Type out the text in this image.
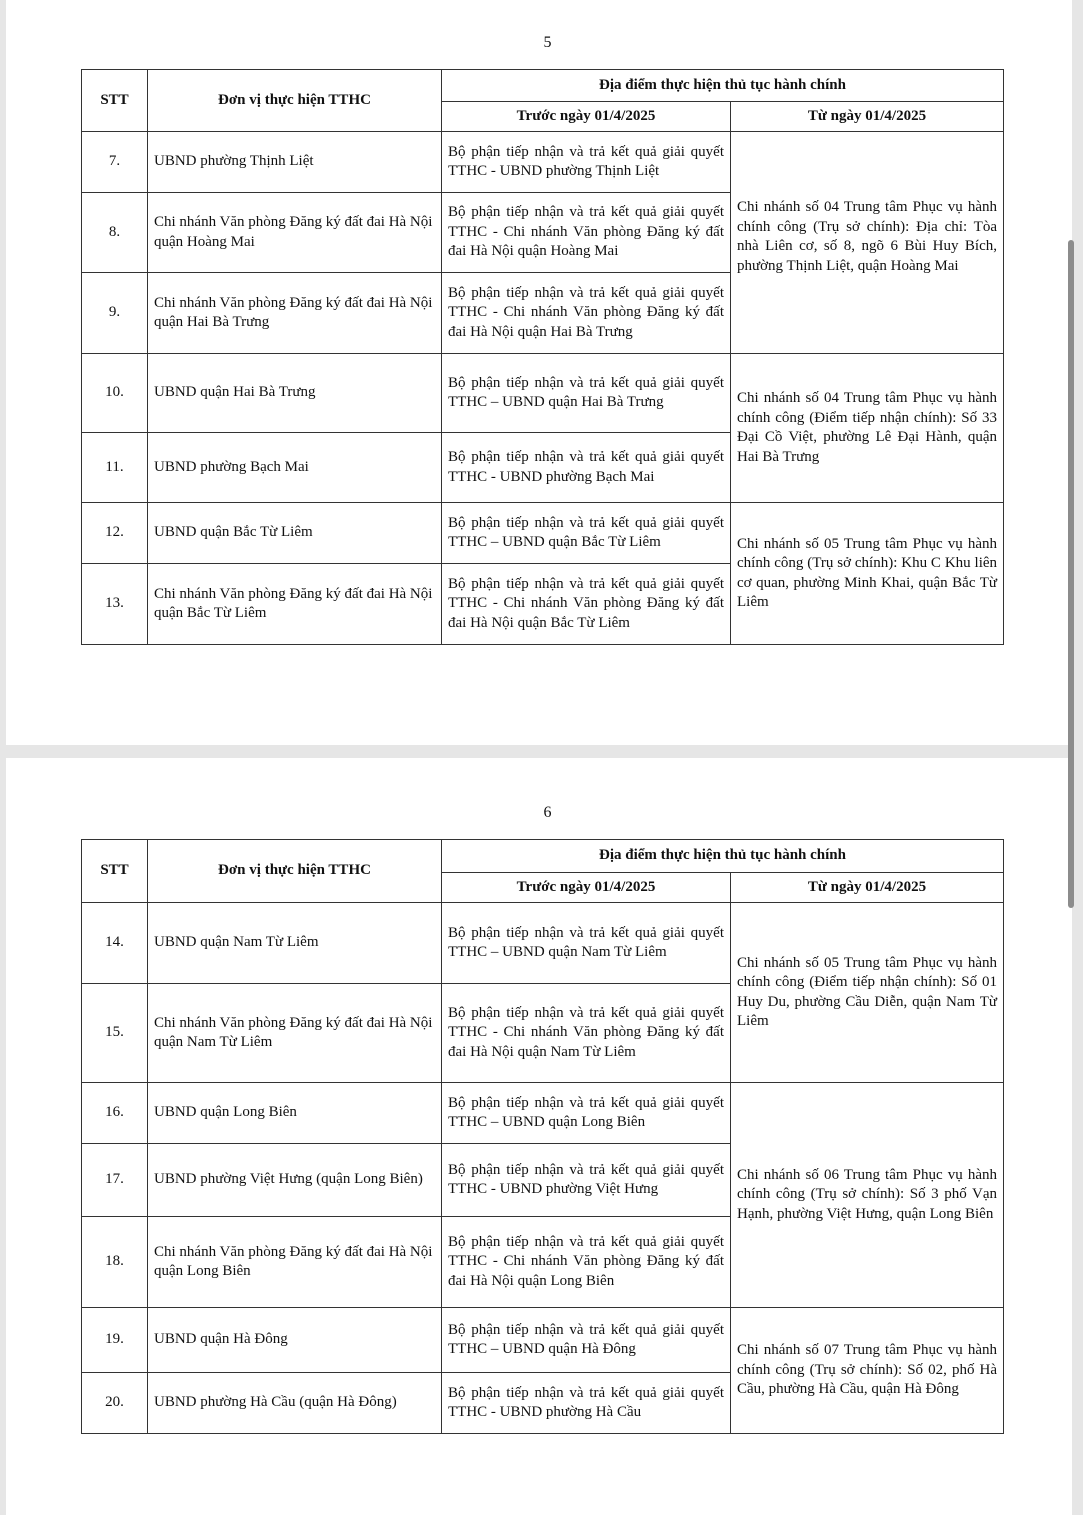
5
STT	Đơn vị thực hiện TTHC	Địa điểm thực hiện thủ tục hành chính	
		Trước ngày 01/4/2025	Từ ngày 01/4/2025
7.	UBND phường Thịnh Liệt	Bộ phận tiếp nhận và trả kết quả giải quyết TTHC - UBND phường Thịnh Liệt	Chi nhánh số 04 Trung tâm Phục vụ hành chính công (Trụ sở chính): Địa chỉ: Tòa nhà Liên cơ, số 8, ngõ 6 Bùi Huy Bích, phường Thịnh Liệt, quận Hoàng Mai
8.	Chi nhánh Văn phòng Đăng ký đất đai Hà Nội quận Hoàng Mai	Bộ phận tiếp nhận và trả kết quả giải quyết TTHC - Chi nhánh Văn phòng Đăng ký đất đai Hà Nội quận Hoàng Mai	
9.	Chi nhánh Văn phòng Đăng ký đất đai Hà Nội quận Hai Bà Trưng	Bộ phận tiếp nhận và trả kết quả giải quyết TTHC - Chi nhánh Văn phòng Đăng ký đất đai Hà Nội quận Hai Bà Trưng	
10.	UBND quận Hai Bà Trưng	Bộ phận tiếp nhận và trả kết quả giải quyết TTHC – UBND quận Hai Bà Trưng	Chi nhánh số 04 Trung tâm Phục vụ hành chính công (Điểm tiếp nhận chính): Số 33 Đại Cồ Việt, phường Lê Đại Hành, quận Hai Bà Trưng
11.	UBND phường Bạch Mai	Bộ phận tiếp nhận và trả kết quả giải quyết TTHC - UBND phường Bạch Mai	
12.	UBND quận Bắc Từ Liêm	Bộ phận tiếp nhận và trả kết quả giải quyết TTHC – UBND quận Bắc Từ Liêm	Chi nhánh số 05 Trung tâm Phục vụ hành chính công (Trụ sở chính): Khu C Khu liên cơ quan, phường Minh Khai, quận Bắc Từ Liêm
13.	Chi nhánh Văn phòng Đăng ký đất đai Hà Nội quận Bắc Từ Liêm	Bộ phận tiếp nhận và trả kết quả giải quyết TTHC - Chi nhánh Văn phòng Đăng ký đất đai Hà Nội quận Bắc Từ Liêm	
6
STT	Đơn vị thực hiện TTHC	Địa điểm thực hiện thủ tục hành chính	
		Trước ngày 01/4/2025	Từ ngày 01/4/2025
14.	UBND quận Nam Từ Liêm	Bộ phận tiếp nhận và trả kết quả giải quyết TTHC – UBND quận Nam Từ Liêm	Chi nhánh số 05 Trung tâm Phục vụ hành chính công (Điểm tiếp nhận chính): Số 01 Huy Du, phường Cầu Diễn, quận Nam Từ Liêm
15.	Chi nhánh Văn phòng Đăng ký đất đai Hà Nội quận Nam Từ Liêm	Bộ phận tiếp nhận và trả kết quả giải quyết TTHC - Chi nhánh Văn phòng Đăng ký đất đai Hà Nội quận Nam Từ Liêm	
16.	UBND quận Long Biên	Bộ phận tiếp nhận và trả kết quả giải quyết TTHC – UBND quận Long Biên	Chi nhánh số 06 Trung tâm Phục vụ hành chính công (Trụ sở chính): Số 3 phố Vạn Hạnh, phường Việt Hưng, quận Long Biên
17.	UBND phường Việt Hưng (quận Long Biên)	Bộ phận tiếp nhận và trả kết quả giải quyết TTHC - UBND phường Việt Hưng	
18.	Chi nhánh Văn phòng Đăng ký đất đai Hà Nội quận Long Biên	Bộ phận tiếp nhận và trả kết quả giải quyết TTHC - Chi nhánh Văn phòng Đăng ký đất đai Hà Nội quận Long Biên	
19.	UBND quận Hà Đông	Bộ phận tiếp nhận và trả kết quả giải quyết TTHC – UBND quận Hà Đông	Chi nhánh số 07 Trung tâm Phục vụ hành chính công (Trụ sở chính): Số 02, phố Hà Cầu, phường Hà Cầu, quận Hà Đông
20.	UBND phường Hà Cầu (quận Hà Đông)	Bộ phận tiếp nhận và trả kết quả giải quyết TTHC - UBND phường Hà Cầu	
